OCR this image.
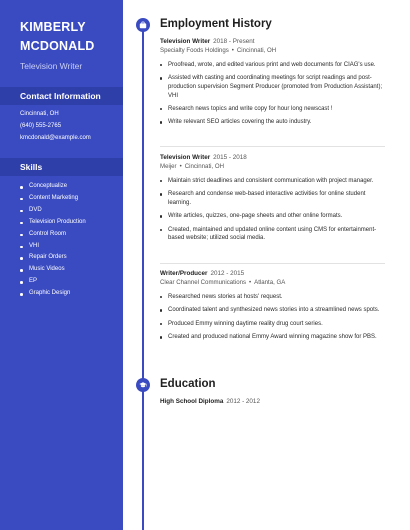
KIMBERLY
MCDONALD
Television Writer
Contact Information
Cincinnati, OH
(640) 555-2765
kmcdonald@example.com
Skills
Conceptualize
Content Marketing
DVD
Television Production
Control Room
VHI
Repair Orders
Music Videos
EP
Graphic Design
Employment History
Television Writer 2018 - Present
Specialty Foods Holdings • Cincinnati, OH
Proofread, wrote, and edited various print and web documents for CIAG's use.
Assisted with casting and coordinating meetings for script readings and post-production supervision Segment Producer (promoted from Production Assistant); VHI
Research news topics and write copy for hour long newscast !
Write relevant SEO articles covering the auto industry.
Television Writer 2015 - 2018
Meijer • Cincinnati, OH
Maintain strict deadlines and consistent communication with project manager.
Research and condense web-based interactive activities for online student learning.
Write articles, quizzes, one-page sheets and other online formats.
Created, maintained and updated online content using CMS for entertainment-based website; utilized social media.
Writer/Producer 2012 - 2015
Clear Channel Communications • Atlanta, GA
Researched news stories at hosts' request.
Coordinated talent and synthesized news stories into a streamlined news spots.
Produced Emmy winning daytime reality drug court series.
Created and produced national Emmy Award winning magazine show for PBS.
Education
High School Diploma 2012 - 2012
